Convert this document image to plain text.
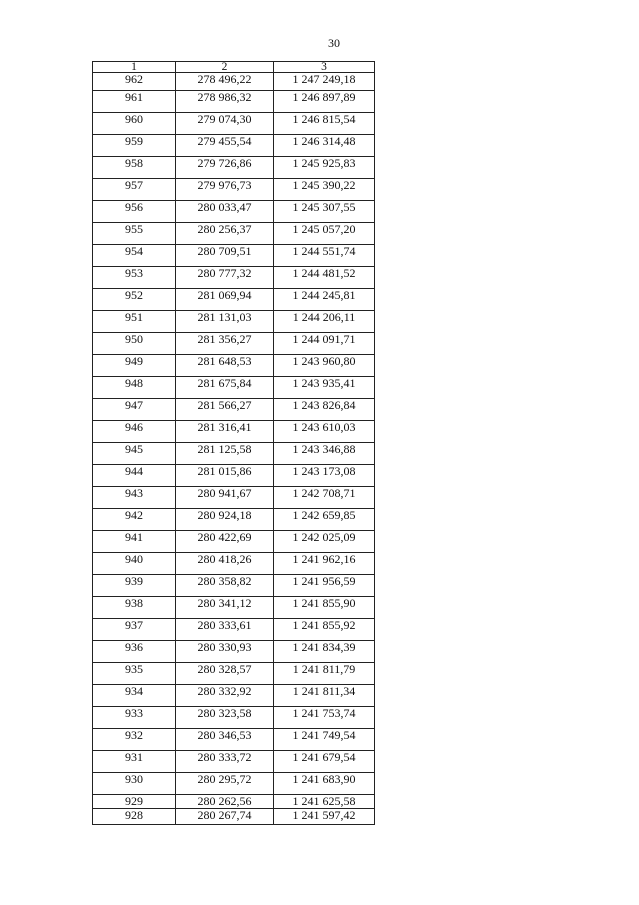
30
1	2	3
962	278 496,22	1 247 249,18
961	278 986,32	1 246 897,89
960	279 074,30	1 246 815,54
959	279 455,54	1 246 314,48
958	279 726,86	1 245 925,83
957	279 976,73	1 245 390,22
956	280 033,47	1 245 307,55
955	280 256,37	1 245 057,20
954	280 709,51	1 244 551,74
953	280 777,32	1 244 481,52
952	281 069,94	1 244 245,81
951	281 131,03	1 244 206,11
950	281 356,27	1 244 091,71
949	281 648,53	1 243 960,80
948	281 675,84	1 243 935,41
947	281 566,27	1 243 826,84
946	281 316,41	1 243 610,03
945	281 125,58	1 243 346,88
944	281 015,86	1 243 173,08
943	280 941,67	1 242 708,71
942	280 924,18	1 242 659,85
941	280 422,69	1 242 025,09
940	280 418,26	1 241 962,16
939	280 358,82	1 241 956,59
938	280 341,12	1 241 855,90
937	280 333,61	1 241 855,92
936	280 330,93	1 241 834,39
935	280 328,57	1 241 811,79
934	280 332,92	1 241 811,34
933	280 323,58	1 241 753,74
932	280 346,53	1 241 749,54
931	280 333,72	1 241 679,54
930	280 295,72	1 241 683,90
929	280 262,56	1 241 625,58
928	280 267,74	1 241 597,42
